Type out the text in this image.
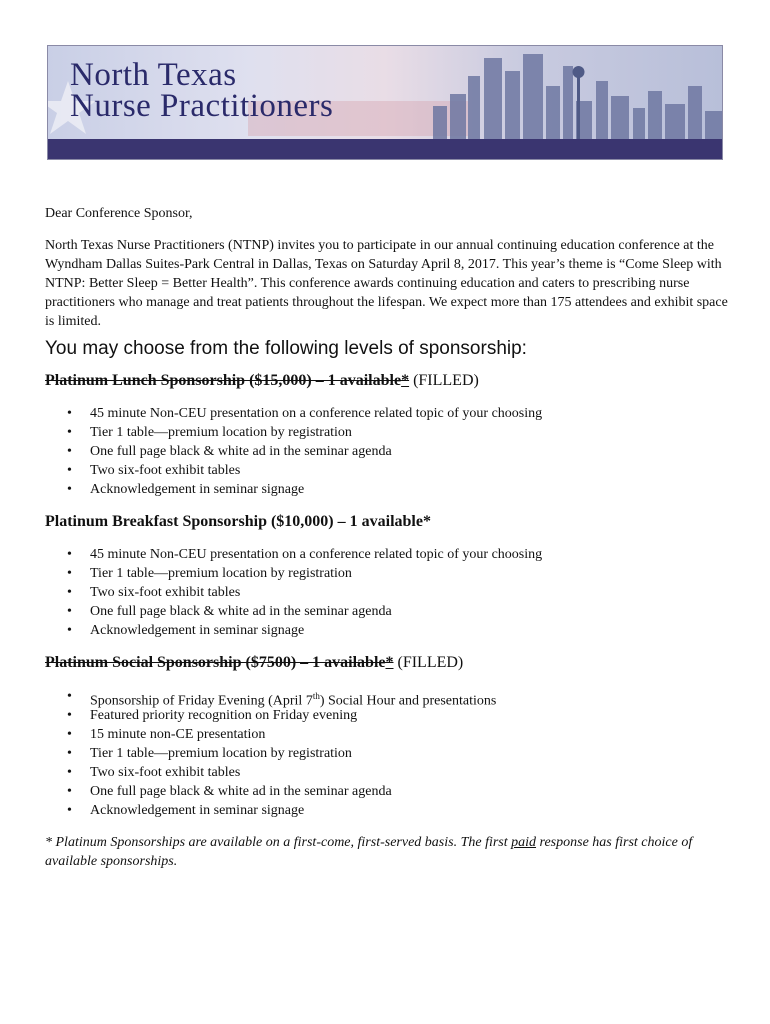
North Texas
Nurse Practitioners
Dear Conference Sponsor,
North Texas Nurse Practitioners (NTNP) invites you to participate in our annual continuing education conference at the Wyndham Dallas Suites-Park Central in Dallas, Texas on Saturday April 8, 2017. This year’s theme is “Come Sleep with NTNP: Better Sleep = Better Health”. This conference awards continuing education and caters to prescribing nurse practitioners who manage and treat patients throughout the lifespan. We expect more than 175 attendees and exhibit space is limited.
You may choose from the following levels of sponsorship:
Platinum Lunch Sponsorship ($15,000) – 1 available* (FILLED)
• 45 minute Non-CEU presentation on a conference related topic of your choosing
• Tier 1 table—premium location by registration
• One full page black & white ad in the seminar agenda
• Two six-foot exhibit tables
• Acknowledgement in seminar signage
Platinum Breakfast Sponsorship ($10,000) – 1 available*
• 45 minute Non-CEU presentation on a conference related topic of your choosing
• Tier 1 table—premium location by registration
• Two six-foot exhibit tables
• One full page black & white ad in the seminar agenda
• Acknowledgement in seminar signage
Platinum Social Sponsorship ($7500) – 1 available* (FILLED)
• Sponsorship of Friday Evening (April 7th) Social Hour and presentations
• Featured priority recognition on Friday evening
• 15 minute non-CE presentation
• Tier 1 table—premium location by registration
• Two six-foot exhibit tables
• One full page black & white ad in the seminar agenda
• Acknowledgement in seminar signage
* Platinum Sponsorships are available on a first-come, first-served basis. The first paid response has first choice of available sponsorships.
